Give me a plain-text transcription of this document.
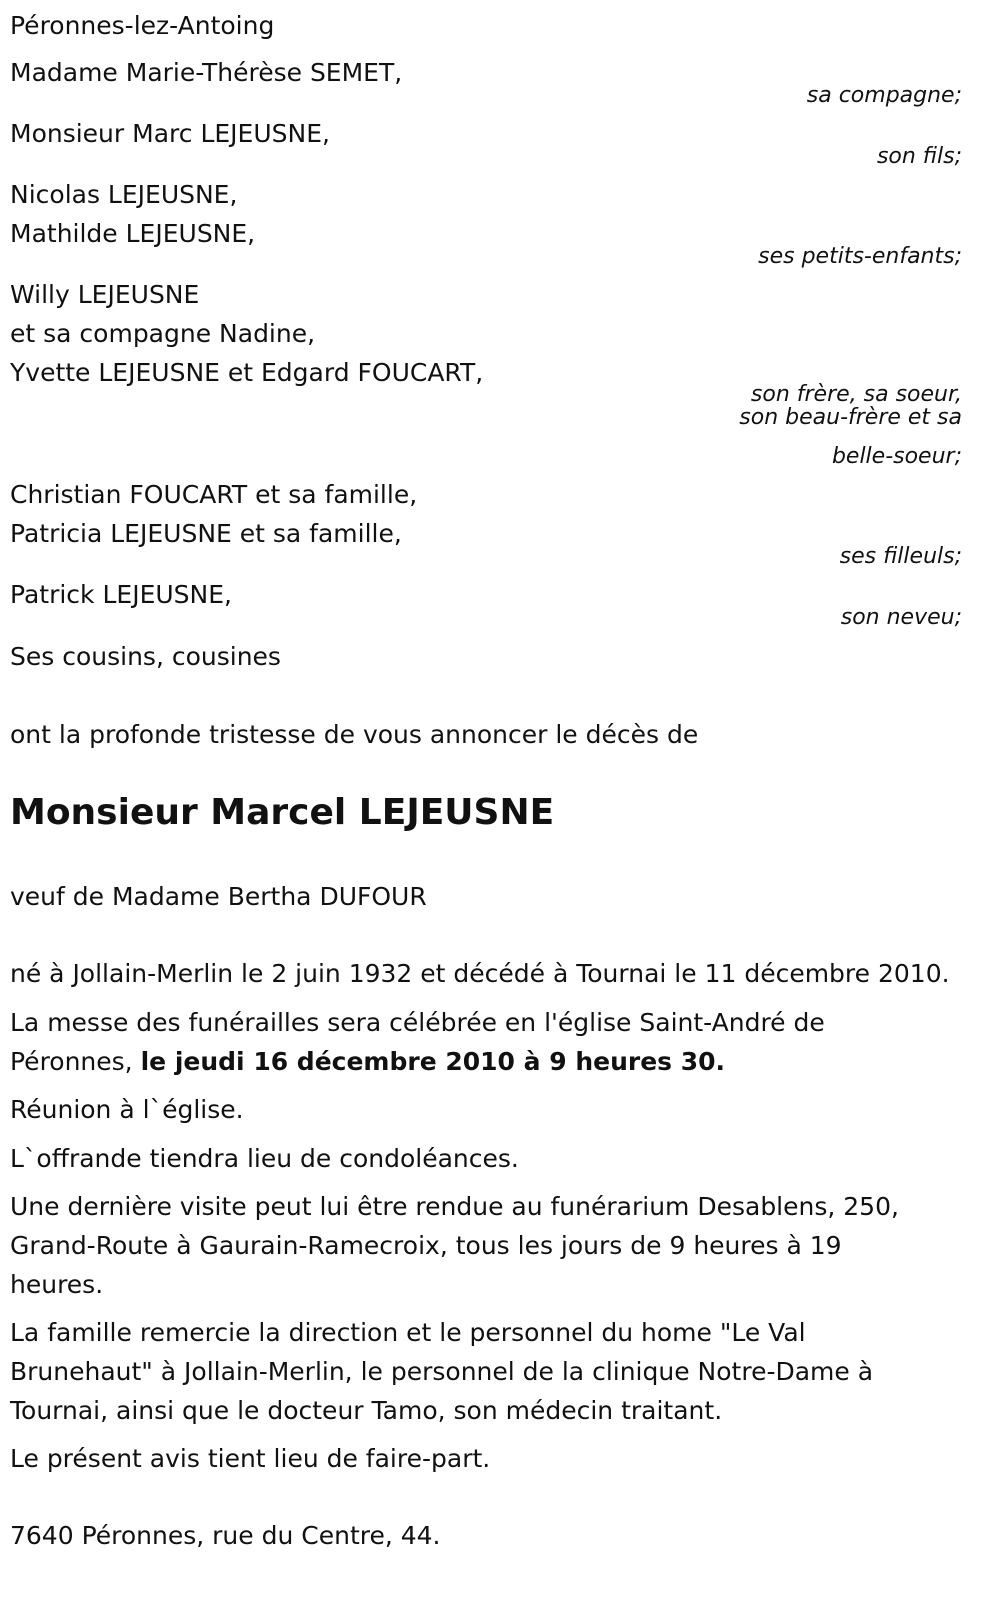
Péronnes-lez-Antoing
Madame Marie-Thérèse SEMET,
sa compagne;
Monsieur Marc LEJEUSNE,
son fils;
Nicolas LEJEUSNE,
Mathilde LEJEUSNE,
ses petits-enfants;
Willy LEJEUSNE
et sa compagne Nadine,
Yvette LEJEUSNE et Edgard FOUCART,
son frère, sa soeur,
son beau-frère et sa
belle-soeur;
Christian FOUCART et sa famille,
Patricia LEJEUSNE et sa famille,
ses filleuls;
Patrick LEJEUSNE,
son neveu;
Ses cousins, cousines
ont la profonde tristesse de vous annoncer le décès de
Monsieur Marcel LEJEUSNE
veuf de Madame Bertha DUFOUR
né à Jollain-Merlin le 2 juin 1932 et décédé à Tournai le 11 décembre 2010.
La messe des funérailles sera célébrée en l'église Saint-André de
Péronnes, le jeudi 16 décembre 2010 à 9 heures 30.
Réunion à l`église.
L`offrande tiendra lieu de condoléances.
Une dernière visite peut lui être rendue au funérarium Desablens, 250,
Grand-Route à Gaurain-Ramecroix, tous les jours de 9 heures à 19
heures.
La famille remercie la direction et le personnel du home "Le Val
Brunehaut" à Jollain-Merlin, le personnel de la clinique Notre-Dame à
Tournai, ainsi que le docteur Tamo, son médecin traitant.
Le présent avis tient lieu de faire-part.
7640 Péronnes, rue du Centre, 44.
